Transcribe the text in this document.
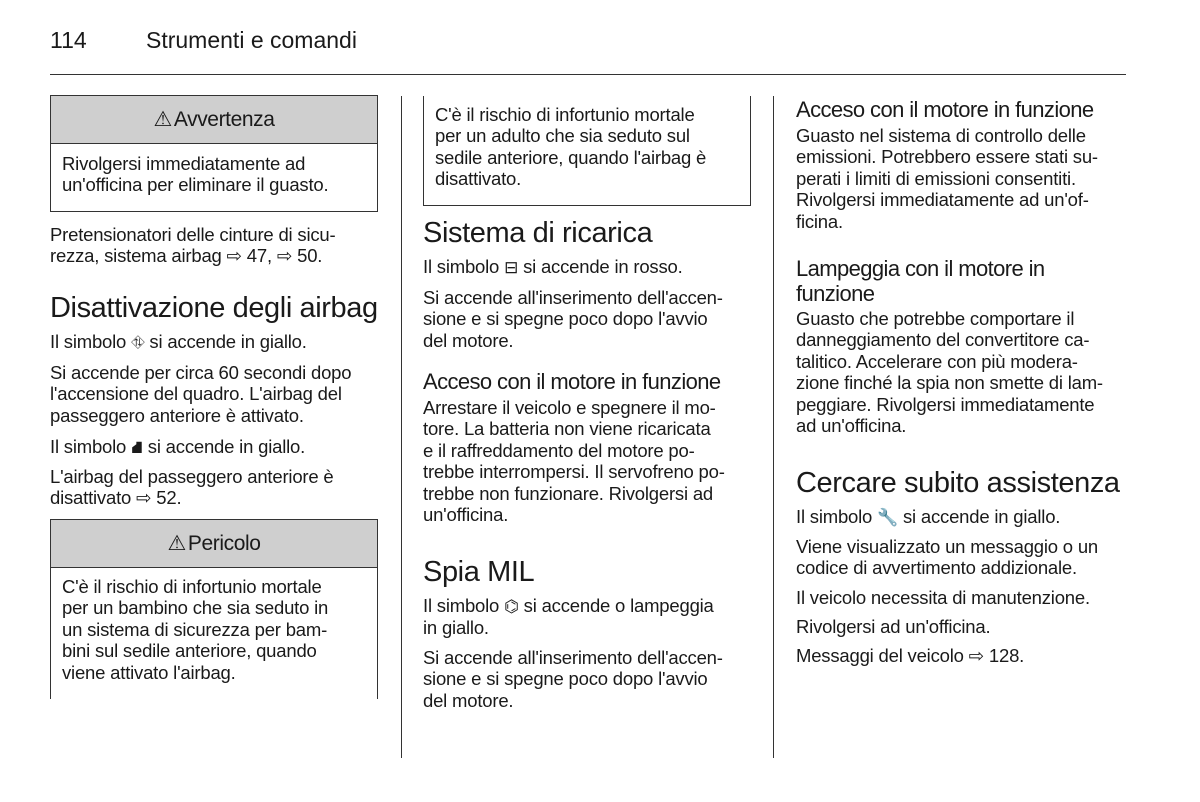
114	Strumenti e comandi
⚠ Avvertenza
Rivolgersi immediatamente ad
un'officina per eliminare il guasto.
Pretensionatori delle cinture di sicu-
rezza, sistema airbag ⇨ 47, ⇨ 50.
Disattivazione degli airbag
Il simbolo ⛗ si accende in giallo.
Si accende per circa 60 secondi dopo
l'accensione del quadro. L'airbag del
passeggero anteriore è attivato.
Il simbolo ⛘ si accende in giallo.
L'airbag del passeggero anteriore è
disattivato ⇨ 52.
⚠ Pericolo
C'è il rischio di infortunio mortale
per un bambino che sia seduto in
un sistema di sicurezza per bam-
bini sul sedile anteriore, quando
viene attivato l'airbag.
C'è il rischio di infortunio mortale
per un adulto che sia seduto sul
sedile anteriore, quando l'airbag è
disattivato.
Sistema di ricarica
Il simbolo ⊟ si accende in rosso.
Si accende all'inserimento dell'accen-
sione e si spegne poco dopo l'avvio
del motore.
Acceso con il motore in funzione
Arrestare il veicolo e spegnere il mo-
tore. La batteria non viene ricaricata
e il raffreddamento del motore po-
trebbe interrompersi. Il servofreno po-
trebbe non funzionare. Rivolgersi ad
un'officina.
Spia MIL
Il simbolo ⌬ si accende o lampeggia
in giallo.
Si accende all'inserimento dell'accen-
sione e si spegne poco dopo l'avvio
del motore.
Acceso con il motore in funzione
Guasto nel sistema di controllo delle
emissioni. Potrebbero essere stati su-
perati i limiti di emissioni consentiti.
Rivolgersi immediatamente ad un'of-
ficina.
Lampeggia con il motore in
funzione
Guasto che potrebbe comportare il
danneggiamento del convertitore ca-
talitico. Accelerare con più modera-
zione finché la spia non smette di lam-
peggiare. Rivolgersi immediatamente
ad un'officina.
Cercare subito assistenza
Il simbolo 🔧 si accende in giallo.
Viene visualizzato un messaggio o un
codice di avvertimento addizionale.
Il veicolo necessita di manutenzione.
Rivolgersi ad un'officina.
Messaggi del veicolo ⇨ 128.
